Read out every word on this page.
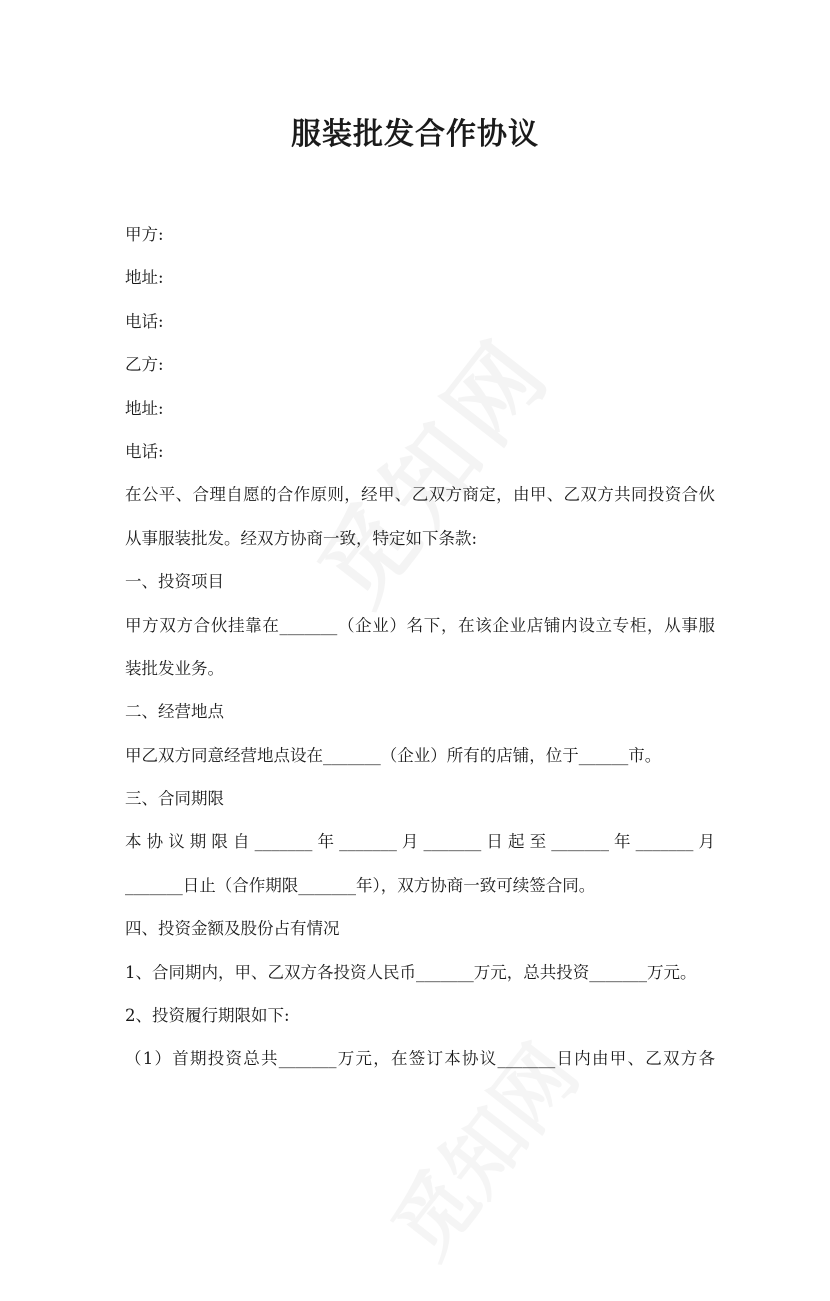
服装批发合作协议
甲方:
地址:
电话:
乙方:
地址:
电话:
在公平、合理自愿的合作原则，经甲、乙双方商定，由甲、乙双方共同投资合伙
从事服装批发。经双方协商一致，特定如下条款:
一、投资项目
甲方双方合伙挂靠在_______（企业）名下，在该企业店铺内设立专柜，从事服
装批发业务。
二、经营地点
甲乙双方同意经营地点设在_______（企业）所有的店铺，位于______市。
三、合同期限
本协议期限自_______年_______月_______日起至_______年_______月
_______日止（合作期限_______年），双方协商一致可续签合同。
四、投资金额及股份占有情况
1、合同期内，甲、乙双方各投资人民币_______万元，总共投资_______万元。
2、投资履行期限如下:
（1）首期投资总共_______万元，在签订本协议_______日内由甲、乙双方各
